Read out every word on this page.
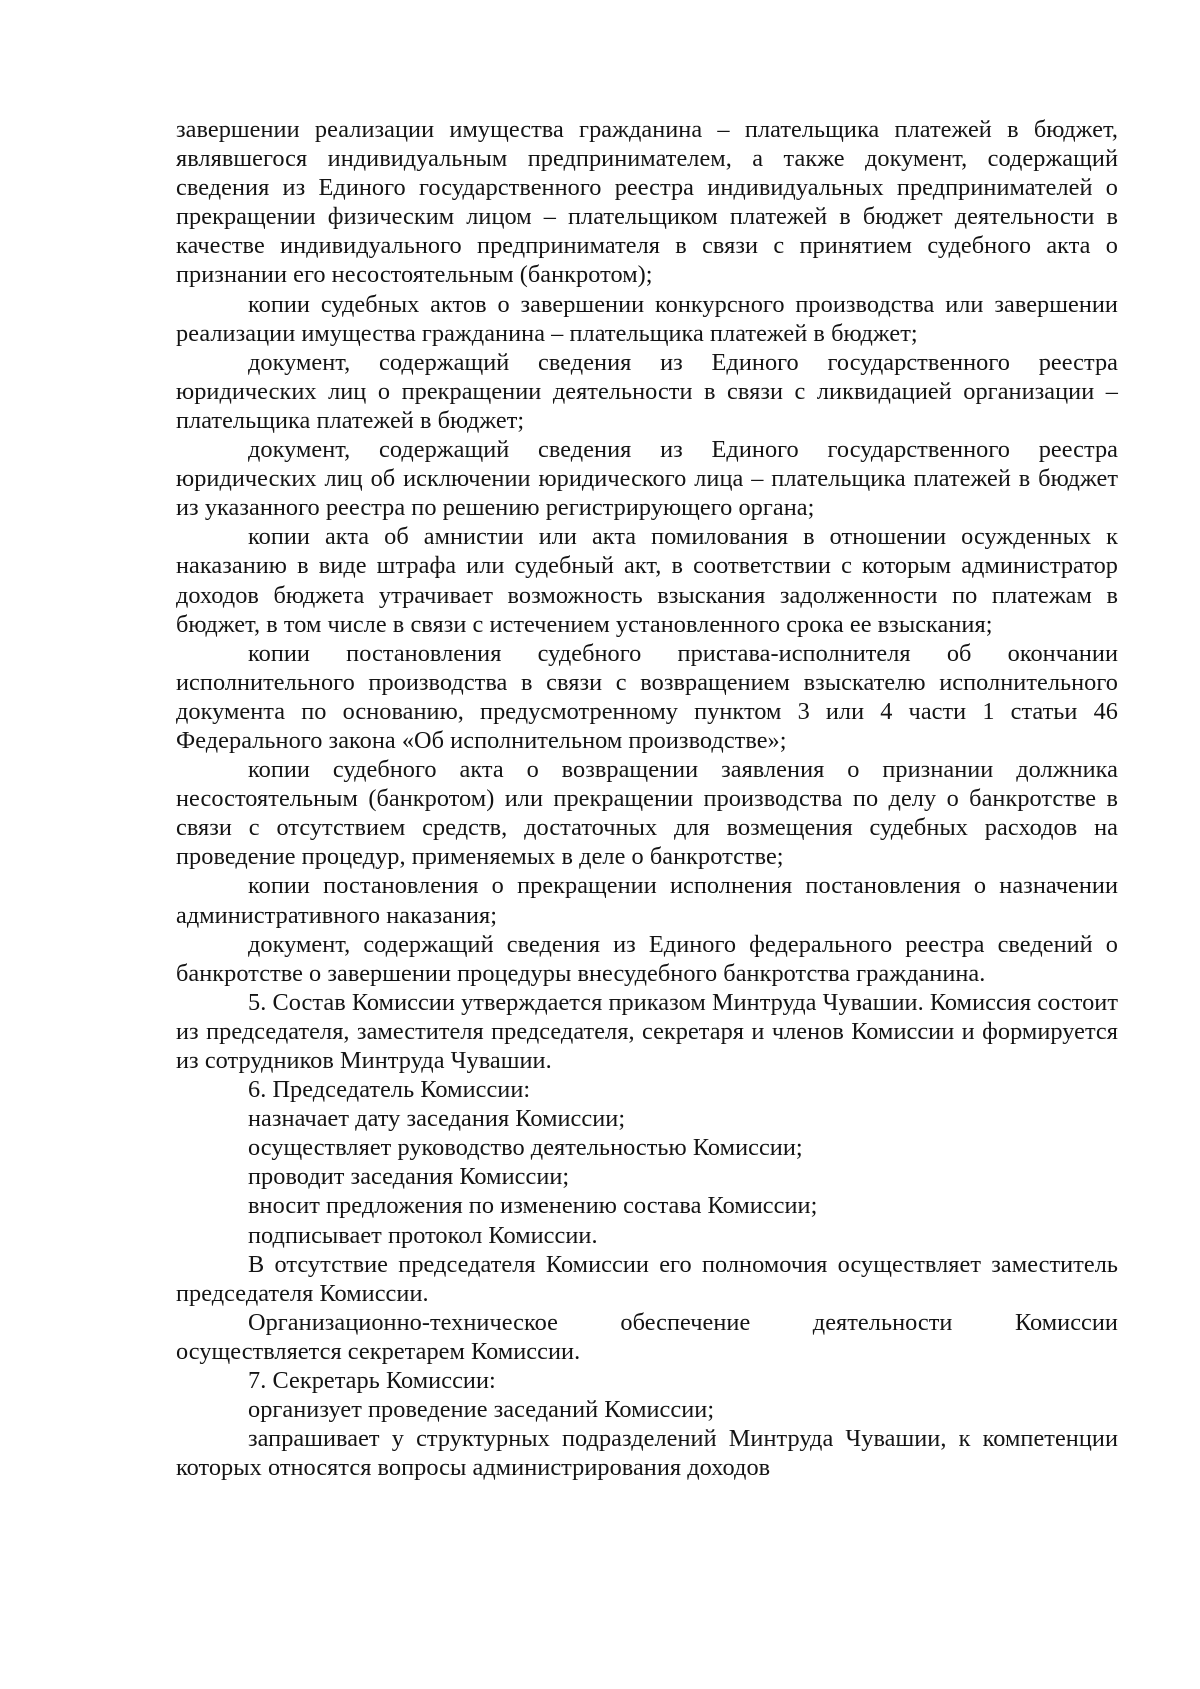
завершении реализации имущества гражданина – плательщика платежей в бюджет, являвшегося индивидуальным предпринимателем, а также документ, содержащий сведения из Единого государственного реестра индивидуальных предпринимателей о прекращении физическим лицом – плательщиком платежей в бюджет деятельности в качестве индивидуального предпринимателя в связи с принятием судебного акта о признании его несостоятельным (банкротом);

копии судебных актов о завершении конкурсного производства или завершении реализации имущества гражданина – плательщика платежей в бюджет;

документ, содержащий сведения из Единого государственного реестра юридических лиц о прекращении деятельности в связи с ликвидацией организации – плательщика платежей в бюджет;

документ, содержащий сведения из Единого государственного реестра юридических лиц об исключении юридического лица – плательщика платежей в бюджет из указанного реестра по решению регистрирующего органа;

копии акта об амнистии или акта помилования в отношении осужденных к наказанию в виде штрафа или судебный акт, в соответствии с которым администратор доходов бюджета утрачивает возможность взыскания задолженности по платежам в бюджет, в том числе в связи с истечением установленного срока ее взыскания;

копии постановления судебного пристава-исполнителя об окончании исполнительного производства в связи с возвращением взыскателю исполнительного документа по основанию, предусмотренному пунктом 3 или 4 части 1 статьи 46 Федерального закона «Об исполнительном производстве»;

копии судебного акта о возвращении заявления о признании должника несостоятельным (банкротом) или прекращении производства по делу о банкротстве в связи с отсутствием средств, достаточных для возмещения судебных расходов на проведение процедур, применяемых в деле о банкротстве;

копии постановления о прекращении исполнения постановления о назначении административного наказания;

документ, содержащий сведения из Единого федерального реестра сведений о банкротстве о завершении процедуры внесудебного банкротства гражданина.

5. Состав Комиссии утверждается приказом Минтруда Чувашии. Комиссия состоит из председателя, заместителя председателя, секретаря и членов Комиссии и формируется из сотрудников Минтруда Чувашии.

6. Председатель Комиссии:

назначает дату заседания Комиссии;

осуществляет руководство деятельностью Комиссии;

проводит заседания Комиссии;

вносит предложения по изменению состава Комиссии;

подписывает протокол Комиссии.

В отсутствие председателя Комиссии его полномочия осуществляет заместитель председателя Комиссии.

Организационно-техническое обеспечение деятельности Комиссии осуществляется секретарем Комиссии.

7. Секретарь Комиссии:

организует проведение заседаний Комиссии;

запрашивает у структурных подразделений Минтруда Чувашии, к компетенции которых относятся вопросы администрирования доходов
